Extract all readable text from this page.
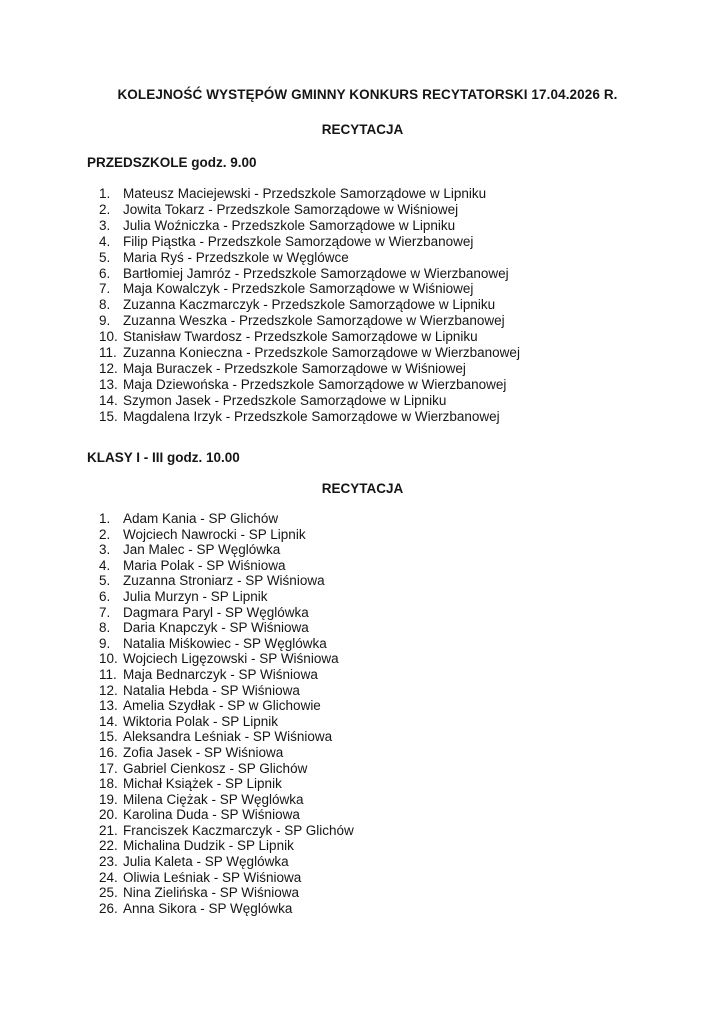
KOLEJNOŚĆ WYSTĘPÓW GMINNY KONKURS RECYTATORSKI 17.04.2026 R.
RECYTACJA
PRZEDSZKOLE godz. 9.00
1. Mateusz Maciejewski - Przedszkole Samorządowe w Lipniku
2. Jowita Tokarz - Przedszkole Samorządowe w Wiśniowej
3. Julia Woźniczka - Przedszkole Samorządowe w Lipniku
4. Filip Piąstka - Przedszkole Samorządowe w Wierzbanowej
5. Maria Ryś - Przedszkole w Węglówce
6. Bartłomiej Jamróz - Przedszkole Samorządowe w Wierzbanowej
7. Maja Kowalczyk - Przedszkole Samorządowe w Wiśniowej
8. Zuzanna Kaczmarczyk - Przedszkole Samorządowe w Lipniku
9. Zuzanna Weszka - Przedszkole Samorządowe w Wierzbanowej
10. Stanisław Twardosz - Przedszkole Samorządowe w Lipniku
11. Zuzanna Konieczna - Przedszkole Samorządowe w Wierzbanowej
12. Maja Buraczek - Przedszkole Samorządowe w Wiśniowej
13. Maja Dziewońska - Przedszkole Samorządowe w Wierzbanowej
14. Szymon Jasek - Przedszkole Samorządowe w Lipniku
15. Magdalena Irzyk - Przedszkole Samorządowe w Wierzbanowej
KLASY I - III godz. 10.00
RECYTACJA
1. Adam Kania - SP Glichów
2. Wojciech Nawrocki - SP Lipnik
3. Jan Malec - SP Węglówka
4. Maria Polak - SP Wiśniowa
5. Zuzanna Stroniarz - SP Wiśniowa
6. Julia Murzyn - SP Lipnik
7. Dagmara Paryl - SP Węglówka
8. Daria Knapczyk - SP Wiśniowa
9. Natalia Miśkowiec - SP Węglówka
10. Wojciech Ligęzowski - SP Wiśniowa
11. Maja Bednarczyk - SP Wiśniowa
12. Natalia Hebda - SP Wiśniowa
13. Amelia Szydłak - SP w Glichowie
14. Wiktoria Polak - SP Lipnik
15. Aleksandra Leśniak - SP Wiśniowa
16. Zofia Jasek - SP Wiśniowa
17. Gabriel Cienkosz - SP Glichów
18. Michał Książek - SP Lipnik
19. Milena Ciężak - SP Węglówka
20. Karolina Duda - SP Wiśniowa
21. Franciszek Kaczmarczyk - SP Glichów
22. Michalina Dudzik - SP Lipnik
23. Julia Kaleta - SP Węglówka
24. Oliwia Leśniak - SP Wiśniowa
25. Nina Zielińska - SP Wiśniowa
26. Anna Sikora - SP Węglówka
